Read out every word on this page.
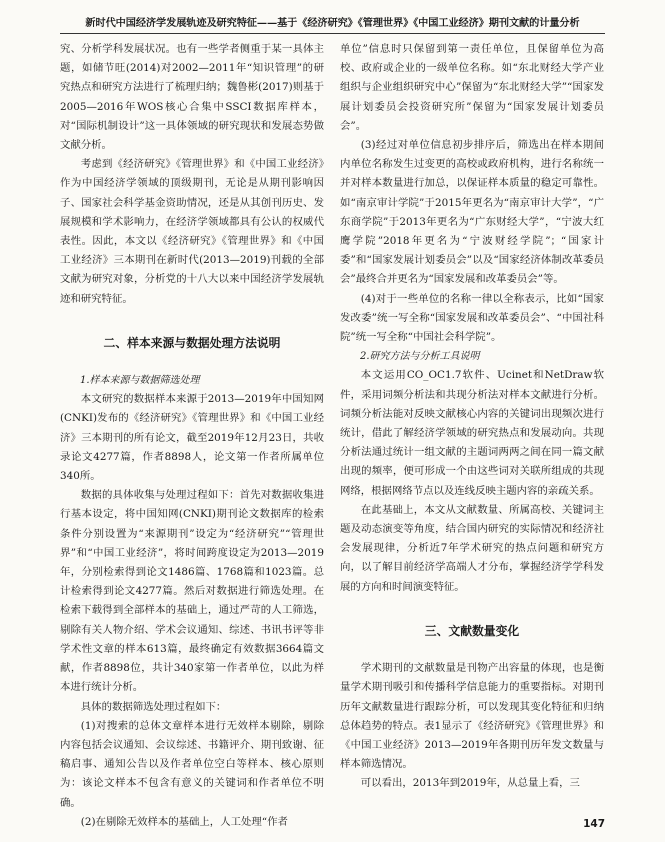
新时代中国经济学发展轨迹及研究特征——基于《经济研究》《管理世界》《中国工业经济》期刊文献的计量分析

究、分析学科发展状况。也有一些学者侧重于某一具体主题，如储节旺(2014)对2002—2011年“知识管理”的研究热点和研究方法进行了梳理归纳；魏鲁彬(2017)则基于2005—2016年WOS核心合集中SSCI数据库样本，对“国际机制设计”这一具体领域的研究现状和发展态势做文献分析。

考虑到《经济研究》《管理世界》和《中国工业经济》作为中国经济学领域的顶级期刊，无论是从期刊影响因子、国家社会科学基金资助情况，还是从其创刊历史、发展规模和学术影响力，在经济学领域都具有公认的权威代表性。因此，本文以《经济研究》《管理世界》和《中国工业经济》三本期刊在新时代(2013—2019)刊载的全部文献为研究对象，分析党的十八大以来中国经济学发展轨迹和研究特征。

二、样本来源与数据处理方法说明

1.样本来源与数据筛选处理

本文研究的数据样本来源于2013—2019年中国知网(CNKI)发布的《经济研究》《管理世界》和《中国工业经济》三本期刊的所有论文，截至2019年12月23日，共收录论文4277篇，作者8898人，论文第一作者所属单位340所。

数据的具体收集与处理过程如下：首先对数据收集进行基本设定，将中国知网(CNKI)期刊论文数据库的检索条件分别设置为“来源期刊”设定为“经济研究”“管理世界”和“中国工业经济”，将时间跨度设定为2013—2019年，分别检索得到论文1486篇、1768篇和1023篇。总计检索得到论文4277篇。然后对数据进行筛选处理。在检索下载得到全部样本的基础上，通过严苛的人工筛选，剔除有关人物介绍、学术会议通知、综述、书讯书评等非学术性文章的样本613篇，最终确定有效数据3664篇文献，作者8898位，共计340家第一作者单位，以此为样本进行统计分析。

具体的数据筛选处理过程如下：

(1)对搜索的总体文章样本进行无效样本剔除，剔除内容包括会议通知、会议综述、书籍评介、期刊致谢、征稿启事、通知公告以及作者单位空白等样本、核心原则为：该论文样本不包含有意义的关键词和作者单位不明确。

(2)在剔除无效样本的基础上，人工处理“作者

单位”信息时只保留到第一责任单位，且保留单位为高校、政府或企业的一级单位名称。如“东北财经大学产业组织与企业组织研究中心”保留为“东北财经大学”“国家发展计划委员会投资研究所”保留为“国家发展计划委员会”。

(3)经过对单位信息初步排序后，筛选出在样本期间内单位名称发生过变更的高校或政府机构，进行名称统一并对样本数量进行加总，以保证样本质量的稳定可靠性。如“南京审计学院”于2015年更名为“南京审计大学”，“广东商学院”于2013年更名为“广东财经大学”，“宁波大红鹰学院”2018年更名为“宁波财经学院”；“国家计委”和“国家发展计划委员会”以及“国家经济体制改革委员会”最终合并更名为“国家发展和改革委员会”等。

(4)对于一些单位的名称一律以全称表示，比如“国家发改委”统一写全称“国家发展和改革委员会”、“中国社科院”统一写全称“中国社会科学院”。

2.研究方法与分析工具说明

本文运用CO_OC1.7软件、Ucinet和NetDraw软件，采用词频分析法和共现分析法对样本文献进行分析。词频分析法能对反映文献核心内容的关键词出现频次进行统计，借此了解经济学领域的研究热点和发展动向。共现分析法通过统计一组文献的主题词两两之间在同一篇文献出现的频率，便可形成一个由这些词对关联所组成的共现网络，根据网络节点以及连线反映主题内容的亲疏关系。

在此基础上，本文从文献数量、所属高校、关键词主题及动态演变等角度，结合国内研究的实际情况和经济社会发展现律，分析近7年学术研究的热点问题和研究方向，以了解目前经济学高端人才分布，掌握经济学学科发展的方向和时间演变特征。

三、文献数量变化

学术期刊的文献数量是刊物产出容量的体现，也是衡量学术期刊吸引和传播科学信息能力的重要指标。对期刊历年文献数量进行跟踪分析，可以发现其变化特征和归纳总体趋势的特点。表1显示了《经济研究》《管理世界》和《中国工业经济》2013—2019年各期刊历年发文数量与样本筛选情况。

可以看出，2013年到2019年，从总量上看，三

147
